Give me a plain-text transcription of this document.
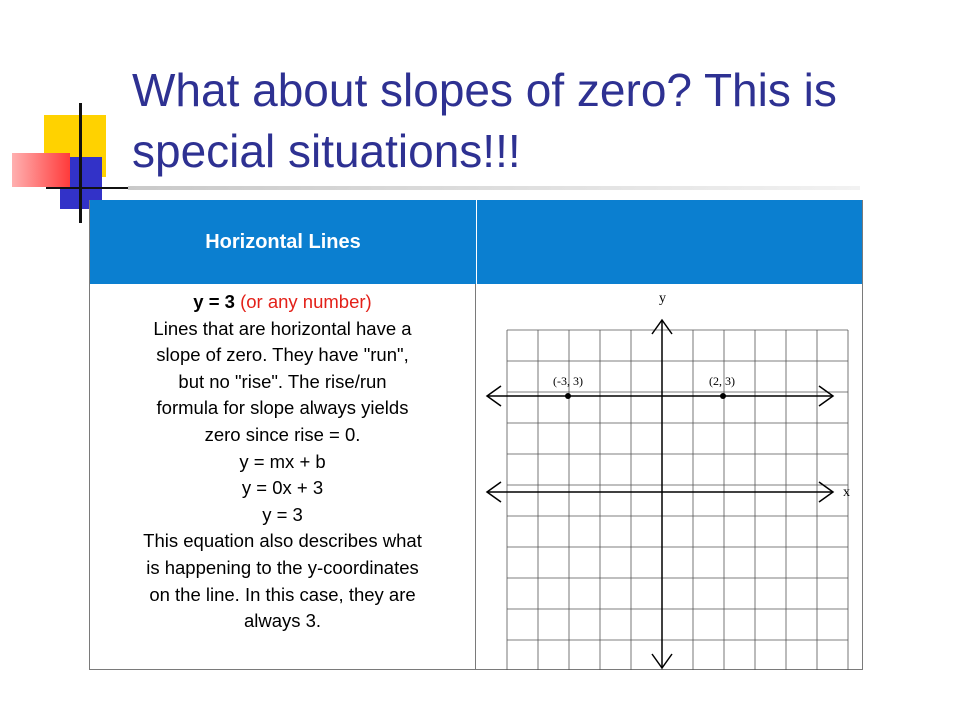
What about slopes of zero? This is
special situations!!!
Horizontal Lines
y = 3 (or any number)
Lines that are horizontal have a
slope of zero. They have "run",
but no "rise". The rise/run
formula for slope always yields
zero since rise = 0.
y = mx + b
y = 0x + 3
y = 3
This equation also describes what
is happening to the y-coordinates
on the line. In this case, they are
always 3.
y
x
(-3, 3)	(2, 3)
